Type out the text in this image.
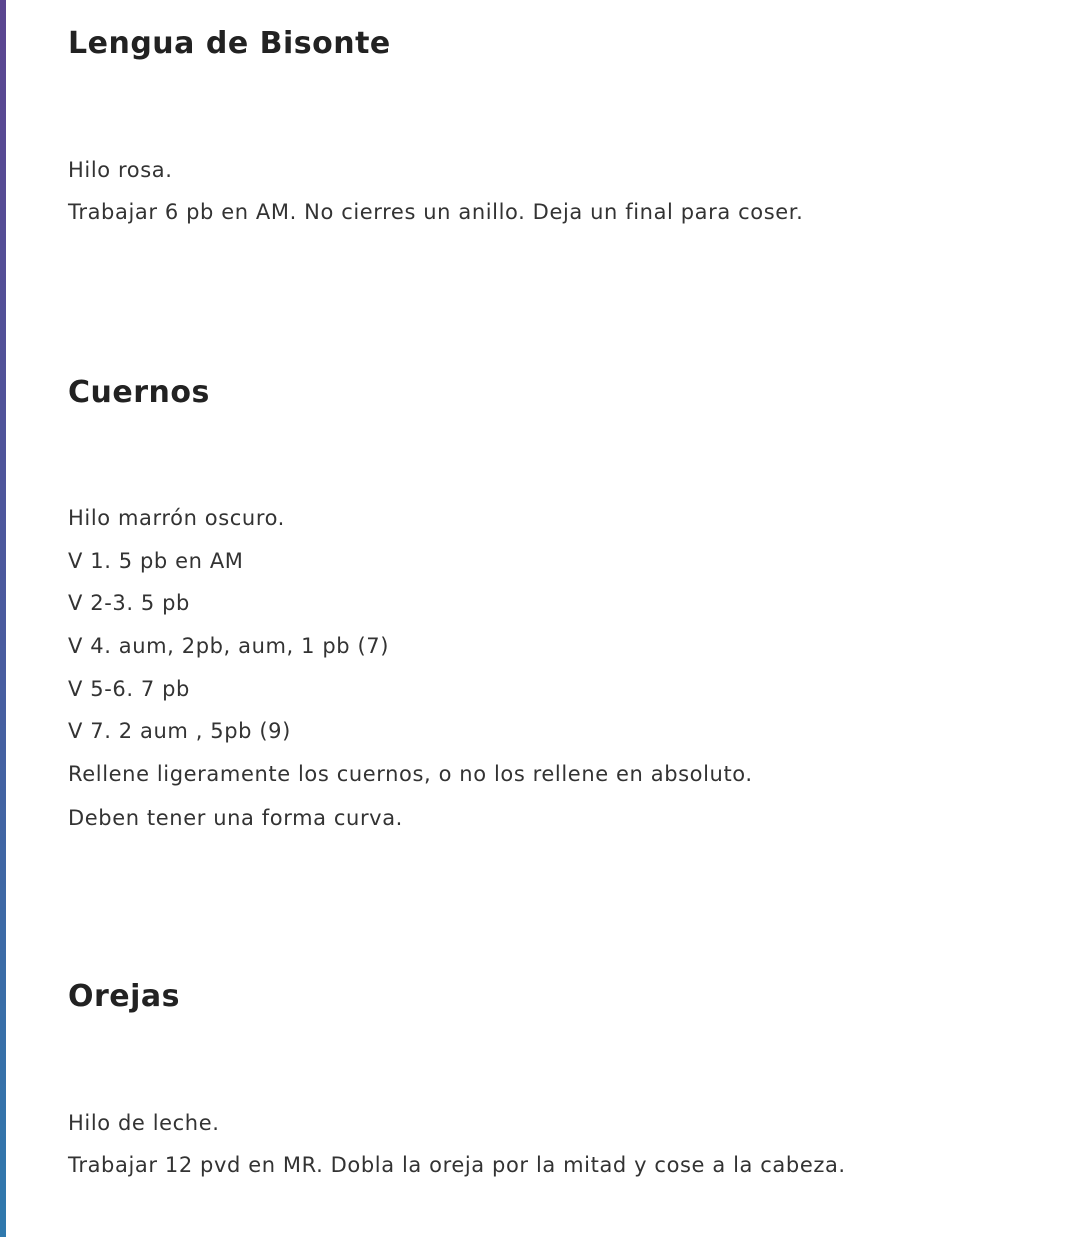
Lengua de Bisonte

Hilo rosa.

Trabajar 6 pb en AM. No cierres un anillo. Deja un final para coser.

Cuernos

Hilo marrón oscuro.

V 1. 5 pb en AM

V 2-3. 5 pb

V 4. aum, 2pb, aum, 1 pb (7)

V 5-6. 7 pb

V 7. 2 aum , 5pb (9)

Rellene ligeramente los cuernos, o no los rellene en absoluto.

Deben tener una forma curva.

Orejas

Hilo de leche.

Trabajar 12 pvd en MR. Dobla la oreja por la mitad y cose a la cabeza.
